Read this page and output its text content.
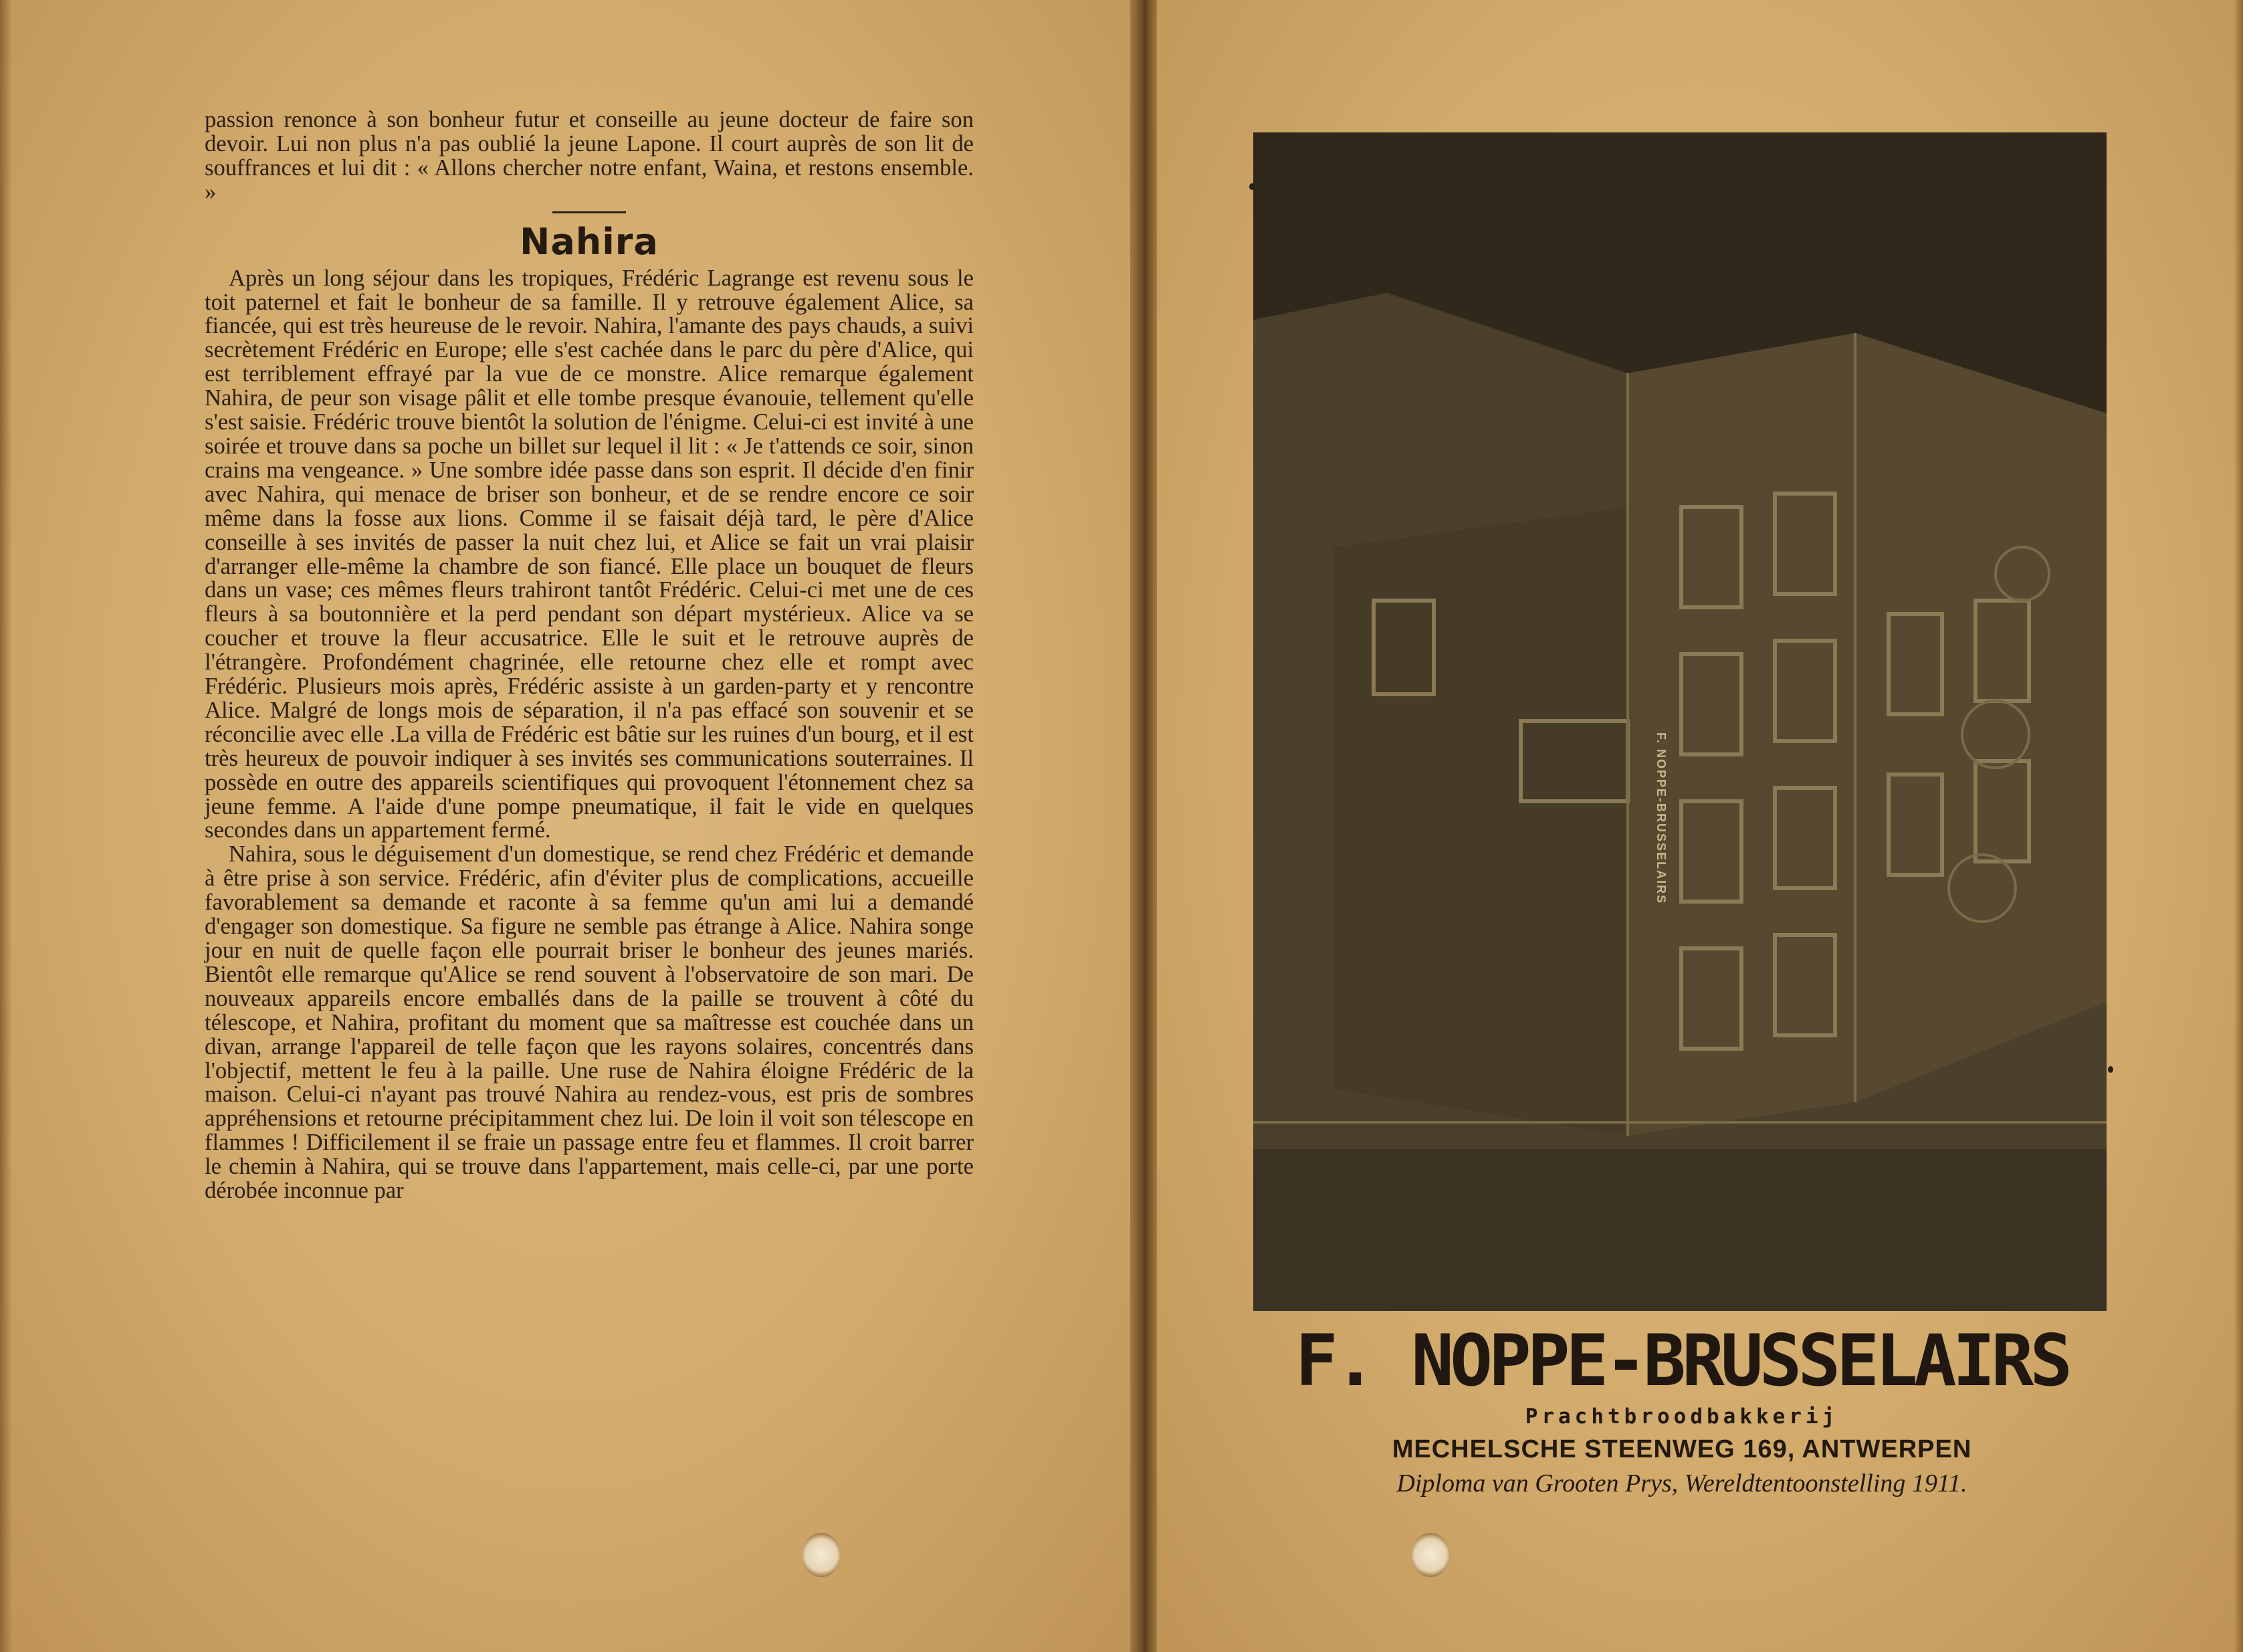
passion renonce à son bonheur futur et conseille au jeune docteur de faire son devoir. Lui non plus n'a pas oublié la jeune Lapone. Il court auprès de son lit de souffrances et lui dit : « Allons chercher notre enfant, Waina, et restons ensemble. »

Nahira

Après un long séjour dans les tropiques, Frédéric Lagrange est revenu sous le toit paternel et fait le bonheur de sa famille. Il y retrouve également Alice, sa fiancée, qui est très heureuse de le revoir. Nahira, l'amante des pays chauds, a suivi secrètement Frédéric en Europe; elle s'est cachée dans le parc du père d'Alice, qui est terriblement effrayé par la vue de ce monstre. Alice remarque également Nahira, de peur son visage pâlit et elle tombe presque évanouie, tellement qu'elle s'est saisie. Frédéric trouve bientôt la solution de l'énigme. Celui-ci est invité à une soirée et trouve dans sa poche un billet sur lequel il lit : « Je t'attends ce soir, sinon crains ma vengeance. » Une sombre idée passe dans son esprit. Il décide d'en finir avec Nahira, qui menace de briser son bonheur, et de se rendre encore ce soir même dans la fosse aux lions. Comme il se faisait déjà tard, le père d'Alice conseille à ses invités de passer la nuit chez lui, et Alice se fait un vrai plaisir d'arranger elle-même la chambre de son fiancé. Elle place un bouquet de fleurs dans un vase; ces mêmes fleurs trahiront tantôt Frédéric. Celui-ci met une de ces fleurs à sa boutonnière et la perd pendant son départ mystérieux. Alice va se coucher et trouve la fleur accusatrice. Elle le suit et le retrouve auprès de l'étrangère. Profondément chagrinée, elle retourne chez elle et rompt avec Frédéric. Plusieurs mois après, Frédéric assiste à un garden-party et y rencontre Alice. Malgré de longs mois de séparation, il n'a pas effacé son souvenir et se réconcilie avec elle .La villa de Frédéric est bâtie sur les ruines d'un bourg, et il est très heureux de pouvoir indiquer à ses invités ses communications souterraines. Il possède en outre des appareils scientifiques qui provoquent l'étonnement chez sa jeune femme. A l'aide d'une pompe pneumatique, il fait le vide en quelques secondes dans un appartement fermé.

Nahira, sous le déguisement d'un domestique, se rend chez Frédéric et demande à être prise à son service. Frédéric, afin d'éviter plus de complications, accueille favorablement sa demande et raconte à sa femme qu'un ami lui a demandé d'engager son domestique. Sa figure ne semble pas étrange à Alice. Nahira songe jour en nuit de quelle façon elle pourrait briser le bonheur des jeunes mariés. Bientôt elle remarque qu'Alice se rend souvent à l'observatoire de son mari. De nouveaux appareils encore emballés dans de la paille se trouvent à côté du télescope, et Nahira, profitant du moment que sa maîtresse est couchée dans un divan, arrange l'appareil de telle façon que les rayons solaires, concentrés dans l'objectif, mettent le feu à la paille. Une ruse de Nahira éloigne Frédéric de la maison. Celui-ci n'ayant pas trouvé Nahira au rendez-vous, est pris de sombres appréhensions et retourne précipitamment chez lui. De loin il voit son télescope en flammes ! Difficilement il se fraie un passage entre feu et flammes. Il croit barrer le chemin à Nahira, qui se trouve dans l'appartement, mais celle-ci, par une porte dérobée inconnue par

F. NOPPE-BRUSSELAIRS
F. NOPPE-BRUSSELAIRS
Prachtbroodbakkerij
MECHELSCHE STEENWEG 169, ANTWERPEN
Diploma van Grooten Prys, Wereldtentoonstelling 1911.
